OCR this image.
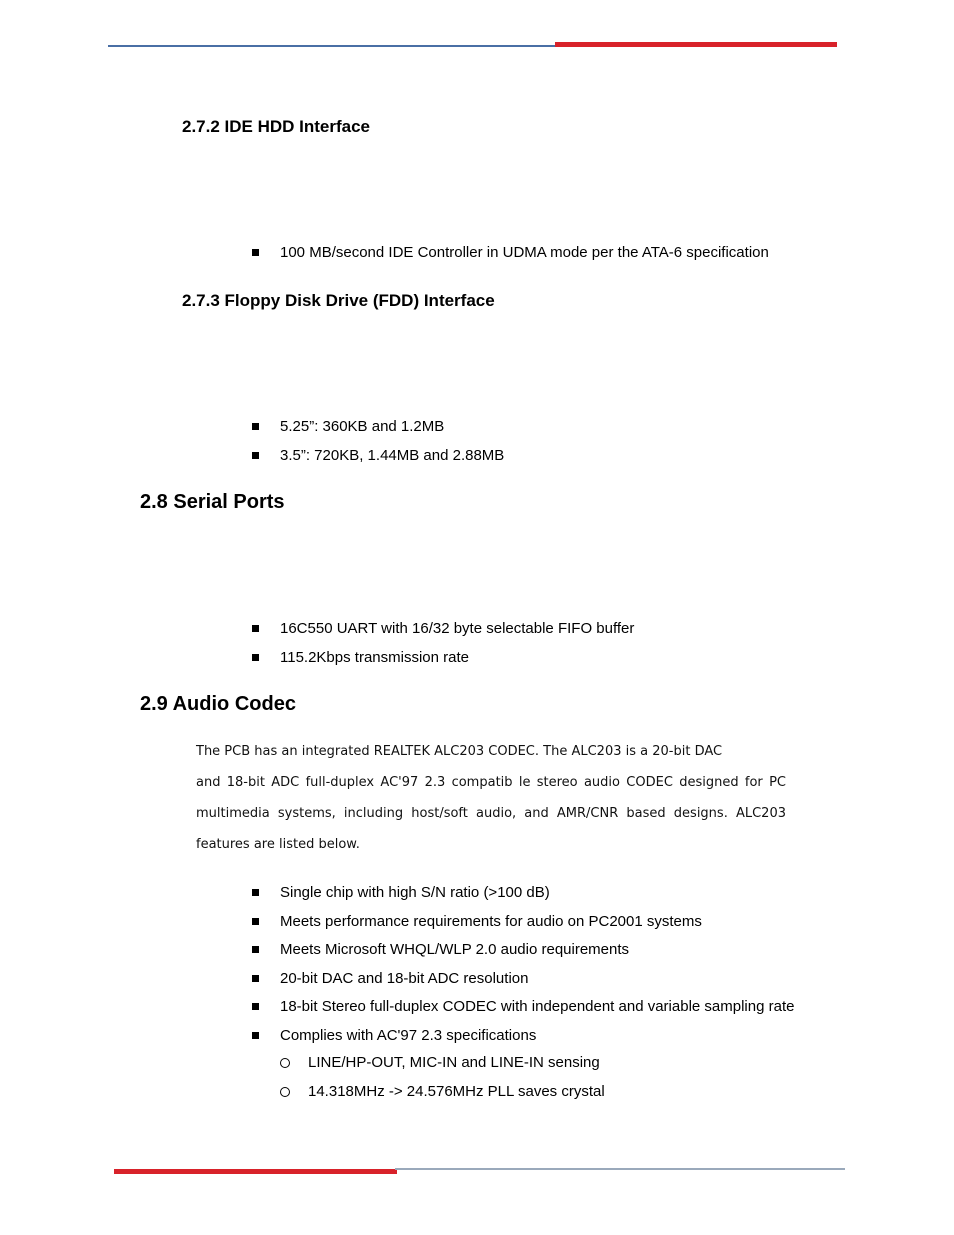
2.7.2 IDE HDD Interface
100 MB/second IDE Controller in UDMA mode per the ATA-6 specification
2.7.3 Floppy Disk Drive (FDD) Interface
5.25”: 360KB and 1.2MB
3.5”: 720KB, 1.44MB and 2.88MB
2.8 Serial Ports
16C550 UART with 16/32 byte selectable FIFO buffer
115.2Kbps transmission rate
2.9 Audio Codec

The PCB has an integrated REALTEK ALC203 CODEC. The ALC203 is a 20-bit DAC

and 18-bit ADC full-duplex AC'97 2.3 compatib le stereo audio CODEC designed for PC

multimedia systems, including host/soft audio, and AMR/CNR based designs. ALC203

features are listed below.

Single chip with high S/N ratio (>100 dB)
Meets performance requirements for audio on PC2001 systems
Meets Microsoft WHQL/WLP 2.0 audio requirements
20-bit DAC and 18-bit ADC resolution
18-bit Stereo full-duplex CODEC with independent and variable sampling rate
Complies with AC'97 2.3 specifications
LINE/HP-OUT, MIC-IN and LINE-IN sensing
14.318MHz -> 24.576MHz PLL saves crystal
